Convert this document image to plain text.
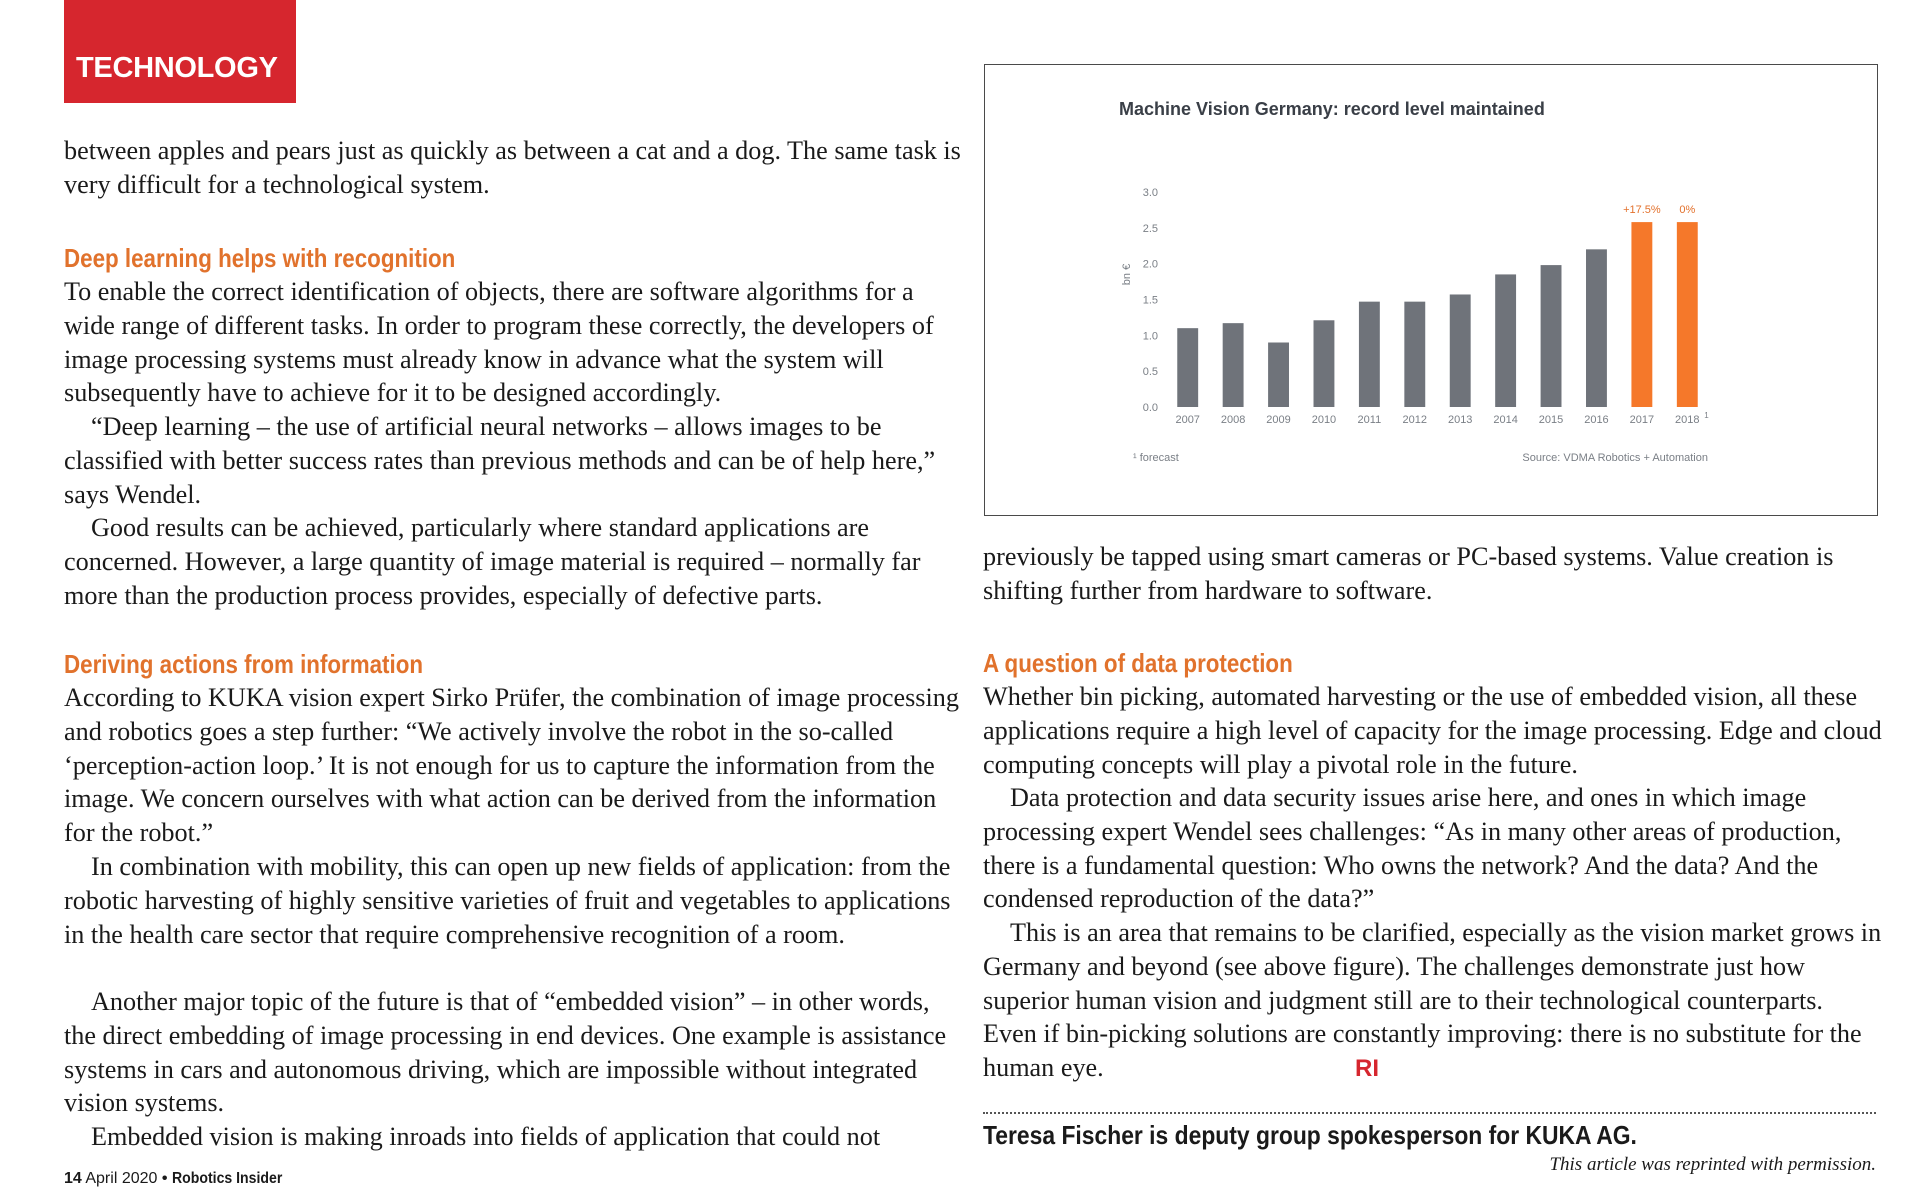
TECHNOLOGY

between apples and pears just as quickly as between a cat and a dog. The same task is very difficult for a technological system.

Deep learning helps with recognition

To enable the correct identification of objects, there are software algorithms for a wide range of different tasks. In order to program these correctly, the developers of image processing systems must already know in advance what the system will subsequently have to achieve for it to be designed accordingly.

“Deep learning – the use of artificial neural networks – allows images to be classified with better success rates than previous methods and can be of help here,” says Wendel.

Good results can be achieved, particularly where standard applications are concerned. However, a large quantity of image material is required – normally far more than the production process provides, especially of defective parts.

Deriving actions from information

According to KUKA vision expert Sirko Prüfer, the combination of image processing and robotics goes a step further: “We actively involve the robot in the so-called ‘perception-action loop.’ It is not enough for us to capture the information from the image. We concern ourselves with what action can be derived from the information for the robot.”

In combination with mobility, this can open up new fields of application: from the robotic harvesting of highly sensitive varieties of fruit and vegetables to applications in the health care sector that require comprehensive recognition of a room.

Another major topic of the future is that of “embedded vision” – in other words, the direct embedding of image processing in end devices. One example is assistance systems in cars and autonomous driving, which are impossible without integrated vision systems.

Embedded vision is making inroads into fields of application that could not

Machine Vision Germany: record level maintained
0.0
0.5
1.0
1.5
2.0
2.5
3.0
bn €
2007 2008 2009 2010 2011 2012 2013 2014 2015 2016 2017 2018 1
+17.5% 0%
¹ forecast	Source: VDMA Robotics + Automation

previously be tapped using smart cameras or PC-based systems. Value creation is shifting further from hardware to software.

A question of data protection

Whether bin picking, automated harvesting or the use of embedded vision, all these applications require a high level of capacity for the image processing. Edge and cloud computing concepts will play a pivotal role in the future.

Data protection and data security issues arise here, and ones in which image processing expert Wendel sees challenges: “As in many other areas of production, there is a fundamental question: Who owns the network? And the data? And the condensed reproduction of the data?”

This is an area that remains to be clarified, especially as the vision market grows in Germany and beyond (see above figure). The challenges demonstrate just how superior human vision and judgment still are to their technological counterparts. Even if bin-picking solutions are constantly improving: there is no substitute for the human eye.	RI
Teresa Fischer is deputy group spokesperson for KUKA AG.
This article was reprinted with permission.
14 April 2020 • Robotics Insider
